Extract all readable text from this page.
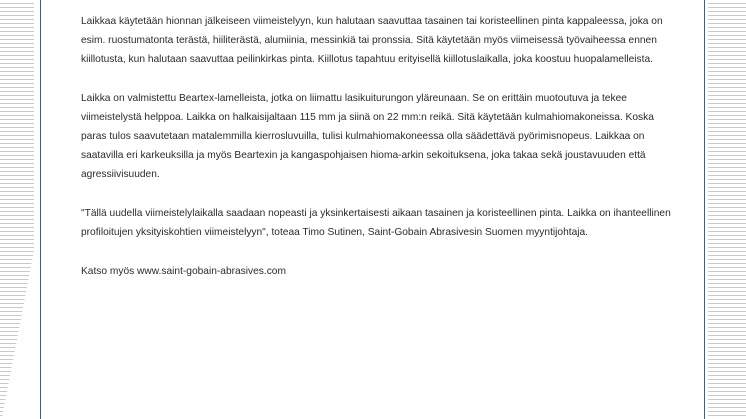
Laikkaa käytetään hionnan jälkeiseen viimeistelyyn, kun halutaan saavuttaa tasainen tai koristeellinen pinta kappaleessa, joka on esim. ruostumatonta terästä, hiiliterästä, alumiinia, messinkiä tai pronssia. Sitä käytetään myös viimeisessä työvaiheessa ennen kiillotusta, kun halutaan saavuttaa peilinkirkas pinta. Kiillotus tapahtuu erityisellä kiillotuslaikalla, joka koostuu huopalamelleista.

Laikka on valmistettu Beartex-lamelleista, jotka on liimattu lasikuiturungon yläreunaan. Se on erittäin muotoutuva ja tekee viimeistelystä helppoa. Laikka on halkaisijaltaan 115 mm ja siinä on 22 mm:n reikä. Sitä käytetään kulmahiomakoneissa. Koska paras tulos saavutetaan matalemmilla kierrosluvuilla, tulisi kulmahiomakoneessa olla säädettävä pyörimisnopeus. Laikkaa on saatavilla eri karkeuksilla ja myös Beartexin ja kangaspohjaisen hioma-arkin sekoituksena, joka takaa sekä joustavuuden että agressiivisuuden.

"Tällä uudella viimeistelylaikalla saadaan nopeasti ja yksinkertaisesti aikaan tasainen ja koristeellinen pinta. Laikka on ihanteellinen profiloitujen yksityiskohtien viimeistelyyn", toteaa Timo Sutinen, Saint-Gobain Abrasivesin Suomen myyntijohtaja.

Katso myös www.saint-gobain-abrasives.com
